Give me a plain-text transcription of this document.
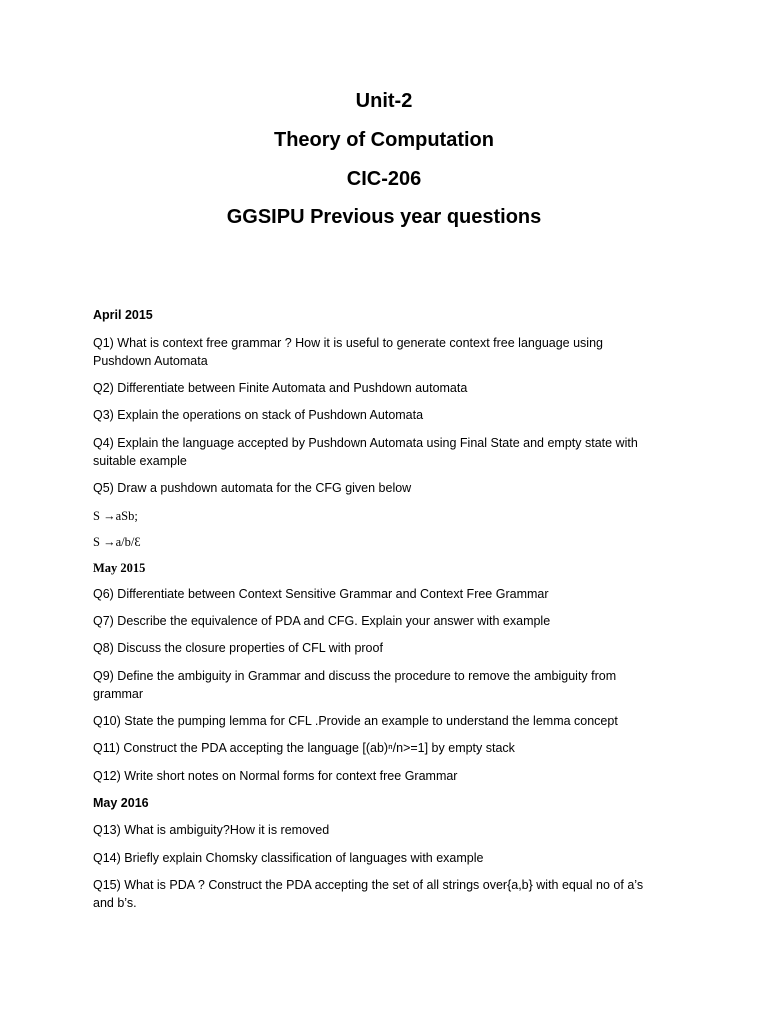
Unit-2
Theory of Computation
CIC-206
GGSIPU Previous year questions
April 2015
Q1) What is context free grammar ? How it is useful to generate context free language using
Pushdown Automata
Q2) Differentiate between Finite Automata and Pushdown automata
Q3) Explain the operations on stack of Pushdown Automata
Q4) Explain the language accepted by Pushdown Automata using Final State and empty state with
suitable example
Q5) Draw a pushdown automata for the CFG given below
S →aSb;
S →a/b/Ɛ
May 2015
Q6) Differentiate between Context Sensitive Grammar and Context Free Grammar
Q7) Describe the equivalence of PDA and CFG. Explain your answer with example
Q8) Discuss the closure properties of CFL with proof
Q9) Define the ambiguity in Grammar and discuss the procedure to remove the ambiguity from
grammar
Q10) State the pumping lemma for CFL .Provide an example to understand the lemma concept
Q11) Construct the PDA accepting the language [(ab)ⁿ/n>=1] by empty stack
Q12) Write short notes on Normal forms for context free Grammar
May 2016
Q13) What is ambiguity?How it is removed
Q14) Briefly explain Chomsky classification of languages with example
Q15) What is PDA ? Construct the PDA accepting the set of all strings over{a,b} with equal no of a’s
and b’s.
